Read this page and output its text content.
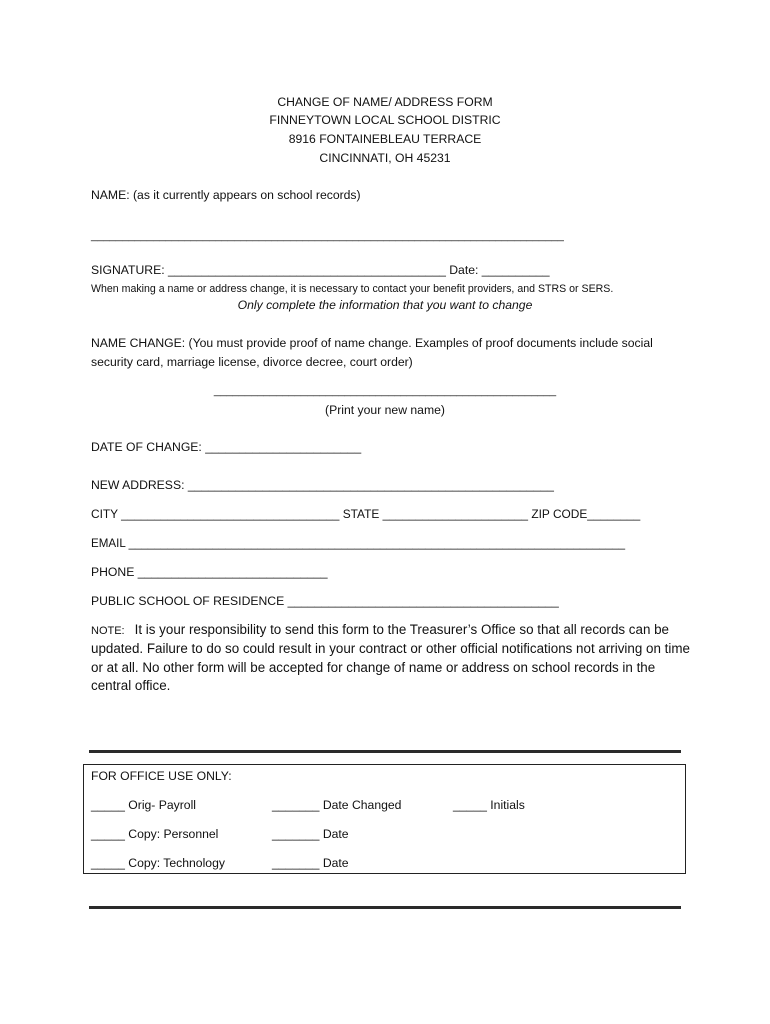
CHANGE OF NAME/ ADDRESS FORM
FINNEYTOWN LOCAL SCHOOL DISTRIC
8916 FONTAINEBLEAU TERRACE
CINCINNATI, OH 45231
NAME: (as it currently appears on school records)
____________________________________________________________________________
SIGNATURE: _________________________________________ Date: __________
When making a name or address change, it is necessary to contact your benefit providers, and STRS or SERS.
Only complete the information that you want to change
NAME CHANGE: (You must provide proof of name change. Examples of proof documents include social
security card, marriage license, divorce decree, court order)
_______________________________________________________
(Print your new name)
DATE OF CHANGE: _______________________
NEW ADDRESS: ______________________________________________________
CITY _________________________________ STATE ______________________ ZIP CODE________
EMAIL _____________________________________________________________________________
PHONE ____________________________
PUBLIC SCHOOL OF RESIDENCE ________________________________________
NOTE: It is your responsibility to send this form to the Treasurer’s Office so that all records can be updated. Failure to do so could result in your contract or other official notifications not arriving on time or at all. No other form will be accepted for change of name or address on school records in the central office.
FOR OFFICE USE ONLY:
_____ Orig- Payroll	_______ Date Changed	_____ Initials
_____ Copy: Personnel	_______ Date
_____ Copy: Technology	_______ Date
